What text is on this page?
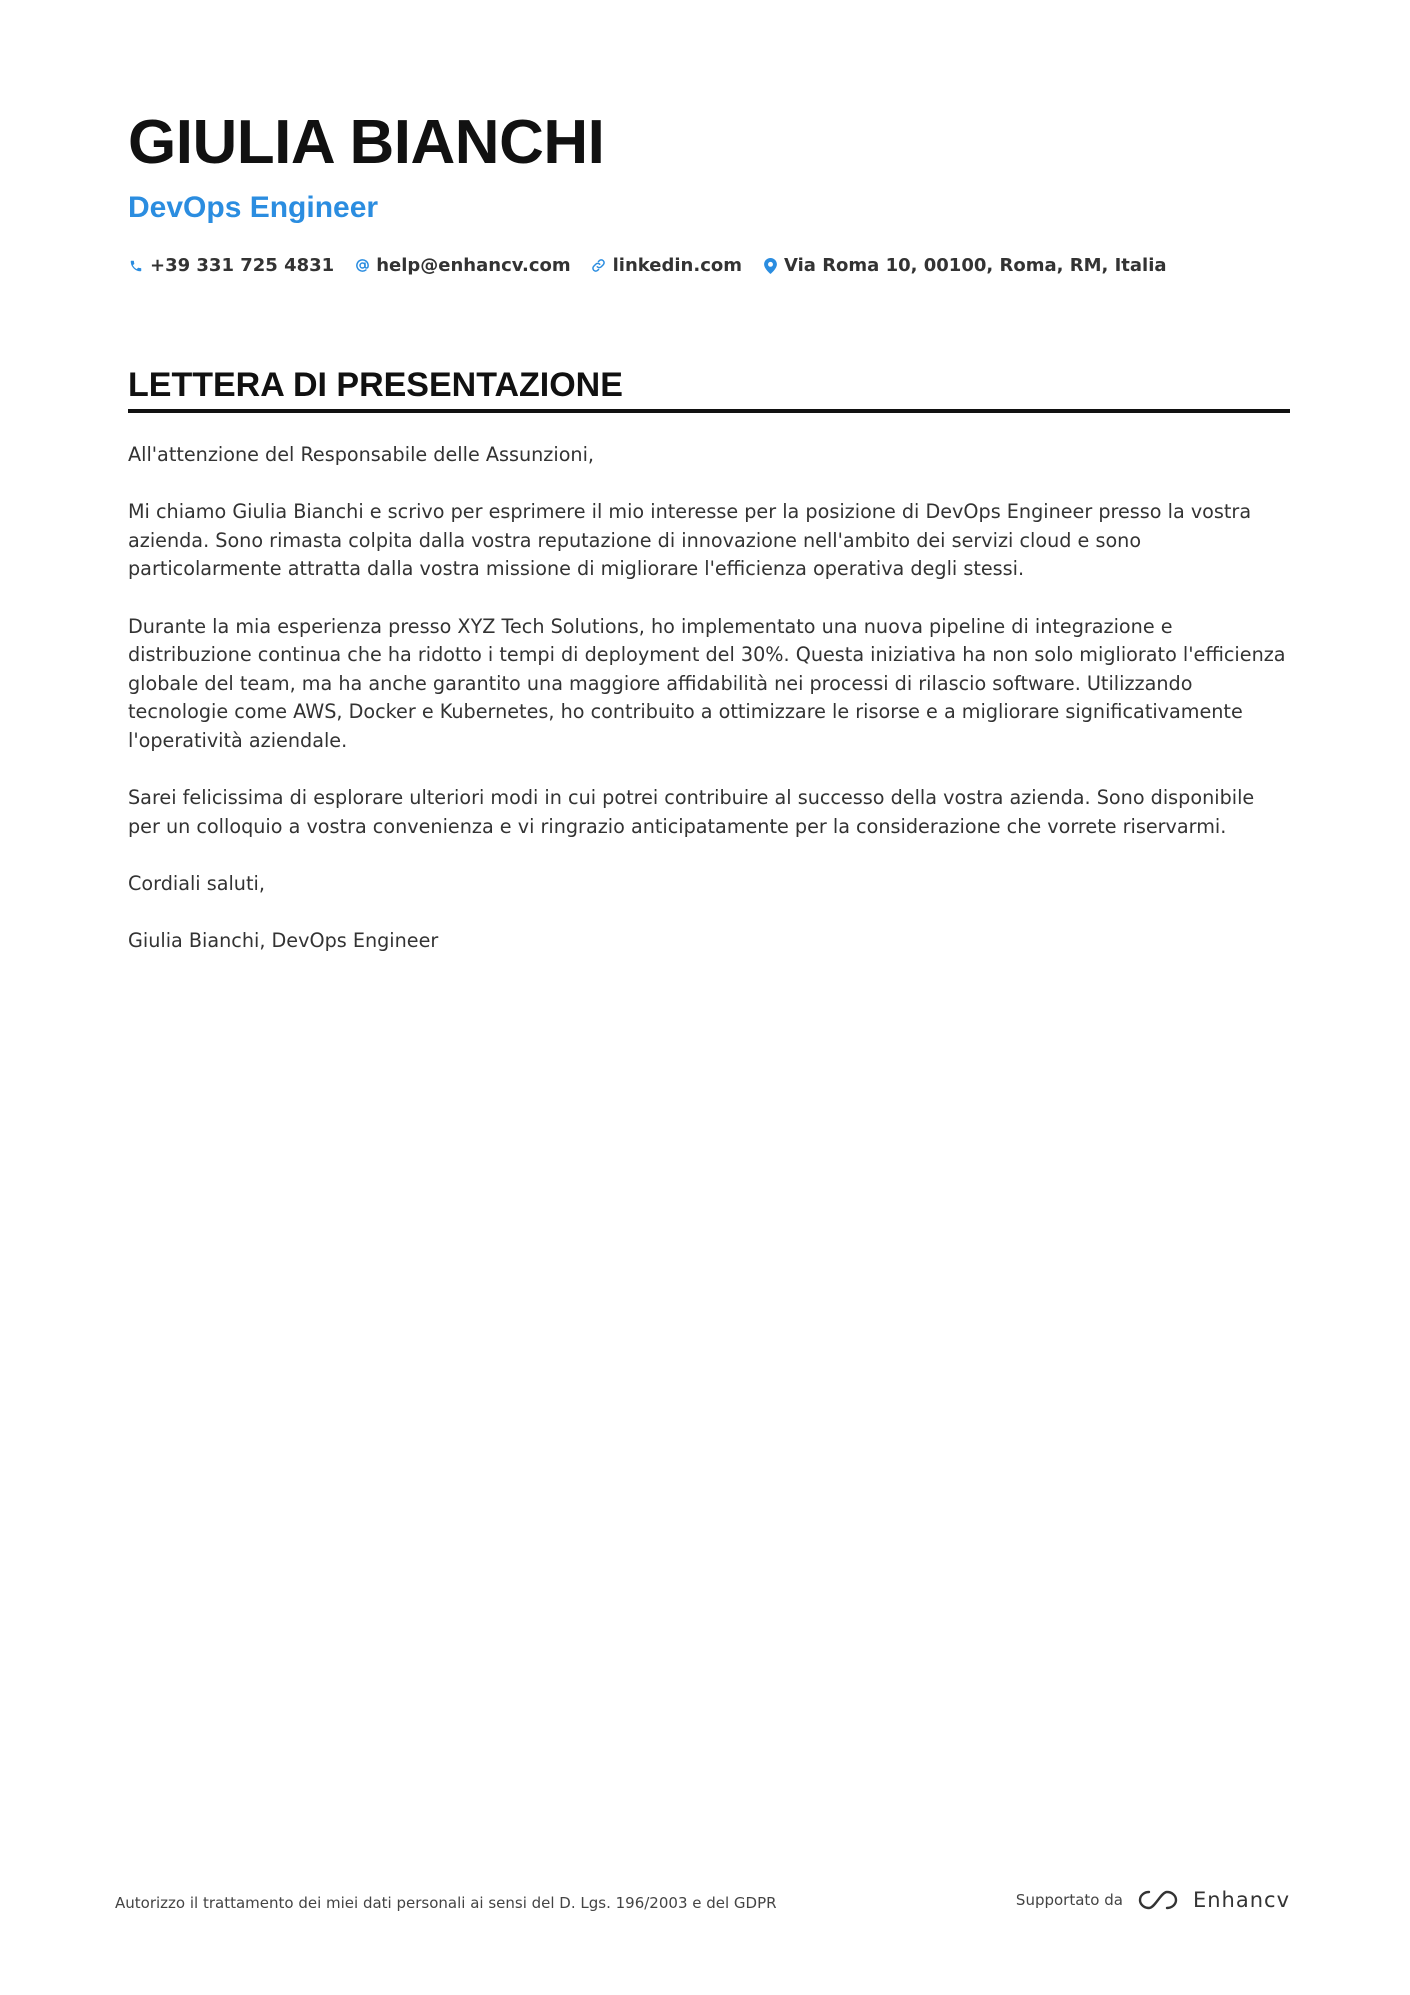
GIULIA BIANCHI
DevOps Engineer
+39 331 725 4831 help@enhancv.com linkedin.com Via Roma 10, 00100, Roma, RM, Italia
LETTERA DI PRESENTAZIONE

All'attenzione del Responsabile delle Assunzioni,

Mi chiamo Giulia Bianchi e scrivo per esprimere il mio interesse per la posizione di DevOps Engineer presso la vostra azienda. Sono rimasta colpita dalla vostra reputazione di innovazione nell'ambito dei servizi cloud e sono particolarmente attratta dalla vostra missione di migliorare l'efficienza operativa degli stessi.

Durante la mia esperienza presso XYZ Tech Solutions, ho implementato una nuova pipeline di integrazione e distribuzione continua che ha ridotto i tempi di deployment del 30%. Questa iniziativa ha non solo migliorato l'efficienza globale del team, ma ha anche garantito una maggiore affidabilità nei processi di rilascio software. Utilizzando tecnologie come AWS, Docker e Kubernetes, ho contribuito a ottimizzare le risorse e a migliorare significativamente l'operatività aziendale.

Sarei felicissima di esplorare ulteriori modi in cui potrei contribuire al successo della vostra azienda. Sono disponibile per un colloquio a vostra convenienza e vi ringrazio anticipatamente per la considerazione che vorrete riservarmi.

Cordiali saluti,

Giulia Bianchi, DevOps Engineer

Autorizzo il trattamento dei miei dati personali ai sensi del D. Lgs. 196/2003 e del GDPR	Supportato da	Enhancv
